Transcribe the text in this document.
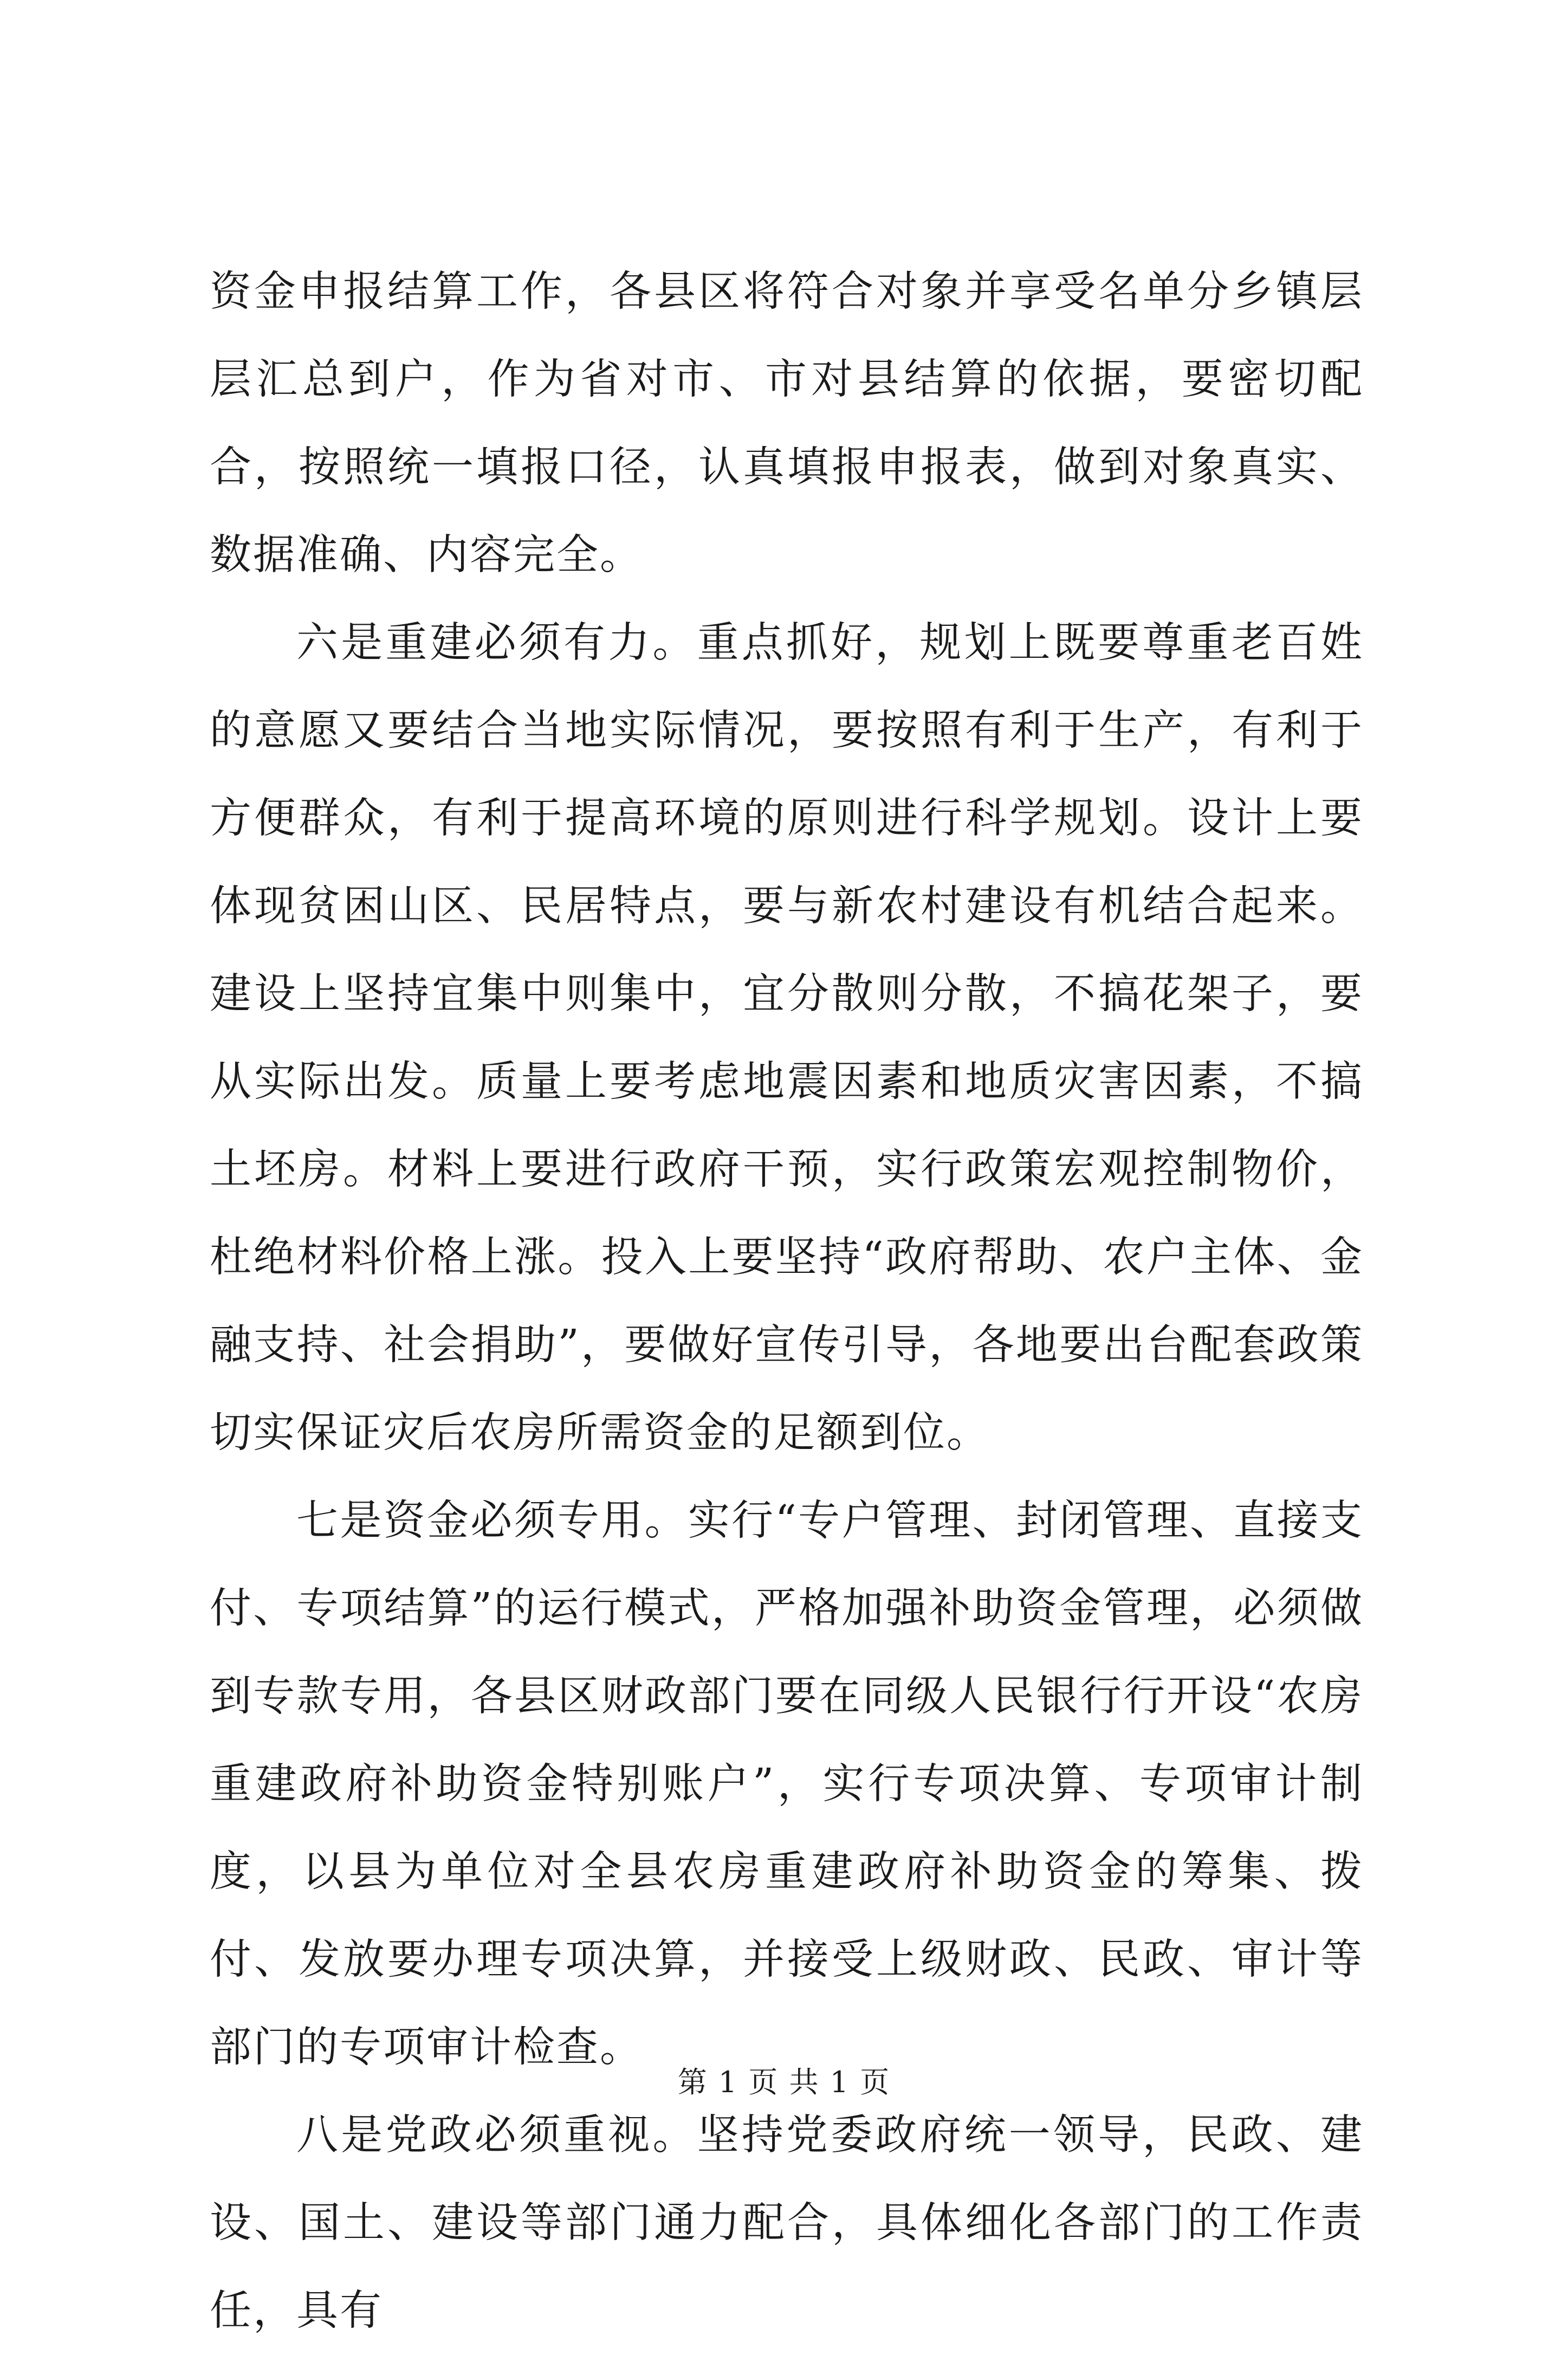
资金申报结算工作，各县区将符合对象并享受名单分乡镇层层汇总到户，作为省对市、市对县结算的依据，要密切配合，按照统一填报口径，认真填报申报表，做到对象真实、数据准确、内容完全。

六是重建必须有力。重点抓好，规划上既要尊重老百姓的意愿又要结合当地实际情况，要按照有利于生产，有利于方便群众，有利于提高环境的原则进行科学规划。设计上要体现贫困山区、民居特点，要与新农村建设有机结合起来。建设上坚持宜集中则集中，宜分散则分散，不搞花架子，要从实际出发。质量上要考虑地震因素和地质灾害因素，不搞土坯房。材料上要进行政府干预，实行政策宏观控制物价，杜绝材料价格上涨。投入上要坚持“政府帮助、农户主体、金融支持、社会捐助”，要做好宣传引导，各地要出台配套政策切实保证灾后农房所需资金的足额到位。

七是资金必须专用。实行“专户管理、封闭管理、直接支付、专项结算”的运行模式，严格加强补助资金管理，必须做到专款专用，各县区财政部门要在同级人民银行行开设“农房重建政府补助资金特别账户”，实行专项决算、专项审计制度，以县为单位对全县农房重建政府补助资金的筹集、拨付、发放要办理专项决算，并接受上级财政、民政、审计等部门的专项审计检查。

八是党政必须重视。坚持党委政府统一领导，民政、建设、国土、建设等部门通力配合，具体细化各部门的工作责任，具有

第 1 页 共 1 页
